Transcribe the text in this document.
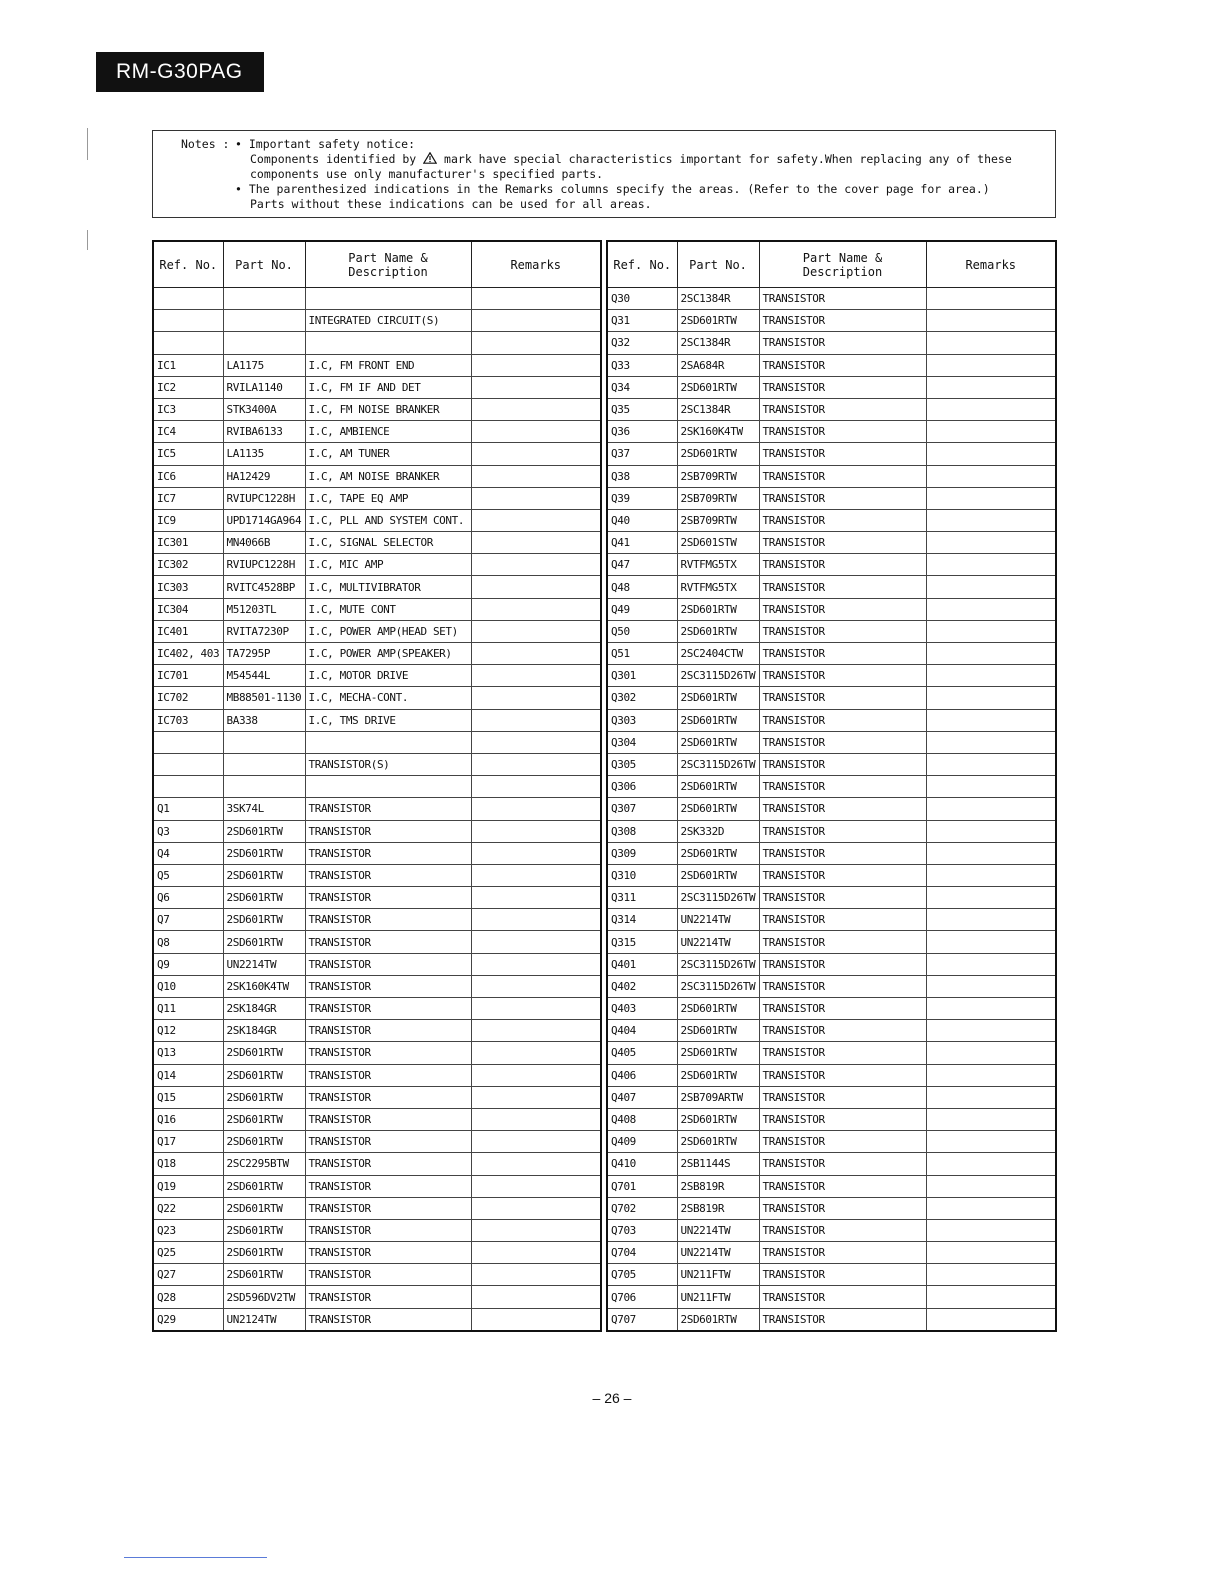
RM-G30PAG
Notes : • Important safety notice:
Components identified by mark have special characteristics important for safety.When replacing any of these
components use only manufacturer's specified parts.
• The parenthesized indications in the Remarks columns specify the areas. (Refer to the cover page for area.)
Parts without these indications can be used for all areas.
Ref. No.	Part No.	Part Name & Description	Remarks

		INTEGRATED CIRCUIT(S)	

IC1	LA1175	I.C, FM FRONT END	
IC2	RVILA1140	I.C, FM IF AND DET	
IC3	STK3400A	I.C, FM NOISE BRANKER	
IC4	RVIBA6133	I.C, AMBIENCE	
IC5	LA1135	I.C, AM TUNER	
IC6	HA12429	I.C, AM NOISE BRANKER	
IC7	RVIUPC1228H	I.C, TAPE EQ AMP	
IC9	UPD1714GA964	I.C, PLL AND SYSTEM CONT.	
IC301	MN4066B	I.C, SIGNAL SELECTOR	
IC302	RVIUPC1228H	I.C, MIC AMP	
IC303	RVITC4528BP	I.C, MULTIVIBRATOR	
IC304	M51203TL	I.C, MUTE CONT	
IC401	RVITA7230P	I.C, POWER AMP(HEAD SET)	
IC402, 403	TA7295P	I.C, POWER AMP(SPEAKER)	
IC701	M54544L	I.C, MOTOR DRIVE	
IC702	MB88501-1130	I.C, MECHA-CONT.	
IC703	BA338	I.C, TMS DRIVE	

		TRANSISTOR(S)	

Q1	3SK74L	TRANSISTOR	
Q3	2SD601RTW	TRANSISTOR	
Q4	2SD601RTW	TRANSISTOR	
Q5	2SD601RTW	TRANSISTOR	
Q6	2SD601RTW	TRANSISTOR	
Q7	2SD601RTW	TRANSISTOR	
Q8	2SD601RTW	TRANSISTOR	
Q9	UN2214TW	TRANSISTOR	
Q10	2SK160K4TW	TRANSISTOR	
Q11	2SK184GR	TRANSISTOR	
Q12	2SK184GR	TRANSISTOR	
Q13	2SD601RTW	TRANSISTOR	
Q14	2SD601RTW	TRANSISTOR	
Q15	2SD601RTW	TRANSISTOR	
Q16	2SD601RTW	TRANSISTOR	
Q17	2SD601RTW	TRANSISTOR	
Q18	2SC2295BTW	TRANSISTOR	
Q19	2SD601RTW	TRANSISTOR	
Q22	2SD601RTW	TRANSISTOR	
Q23	2SD601RTW	TRANSISTOR	
Q25	2SD601RTW	TRANSISTOR	
Q27	2SD601RTW	TRANSISTOR	
Q28	2SD596DV2TW	TRANSISTOR	
Q29	UN2124TW	TRANSISTOR	
Ref. No.	Part No.	Part Name & Description	Remarks
Q30	2SC1384R	TRANSISTOR	
Q31	2SD601RTW	TRANSISTOR	
Q32	2SC1384R	TRANSISTOR	
Q33	2SA684R	TRANSISTOR	
Q34	2SD601RTW	TRANSISTOR	
Q35	2SC1384R	TRANSISTOR	
Q36	2SK160K4TW	TRANSISTOR	
Q37	2SD601RTW	TRANSISTOR	
Q38	2SB709RTW	TRANSISTOR	
Q39	2SB709RTW	TRANSISTOR	
Q40	2SB709RTW	TRANSISTOR	
Q41	2SD601STW	TRANSISTOR	
Q47	RVTFMG5TX	TRANSISTOR	
Q48	RVTFMG5TX	TRANSISTOR	
Q49	2SD601RTW	TRANSISTOR	
Q50	2SD601RTW	TRANSISTOR	
Q51	2SC2404CTW	TRANSISTOR	
Q301	2SC3115D26TW	TRANSISTOR	
Q302	2SD601RTW	TRANSISTOR	
Q303	2SD601RTW	TRANSISTOR	
Q304	2SD601RTW	TRANSISTOR	
Q305	2SC3115D26TW	TRANSISTOR	
Q306	2SD601RTW	TRANSISTOR	
Q307	2SD601RTW	TRANSISTOR	
Q308	2SK332D	TRANSISTOR	
Q309	2SD601RTW	TRANSISTOR	
Q310	2SD601RTW	TRANSISTOR	
Q311	2SC3115D26TW	TRANSISTOR	
Q314	UN2214TW	TRANSISTOR	
Q315	UN2214TW	TRANSISTOR	
Q401	2SC3115D26TW	TRANSISTOR	
Q402	2SC3115D26TW	TRANSISTOR	
Q403	2SD601RTW	TRANSISTOR	
Q404	2SD601RTW	TRANSISTOR	
Q405	2SD601RTW	TRANSISTOR	
Q406	2SD601RTW	TRANSISTOR	
Q407	2SB709ARTW	TRANSISTOR	
Q408	2SD601RTW	TRANSISTOR	
Q409	2SD601RTW	TRANSISTOR	
Q410	2SB1144S	TRANSISTOR	
Q701	2SB819R	TRANSISTOR	
Q702	2SB819R	TRANSISTOR	
Q703	UN2214TW	TRANSISTOR	
Q704	UN2214TW	TRANSISTOR	
Q705	UN211FTW	TRANSISTOR	
Q706	UN211FTW	TRANSISTOR	
Q707	2SD601RTW	TRANSISTOR	
– 26 –
